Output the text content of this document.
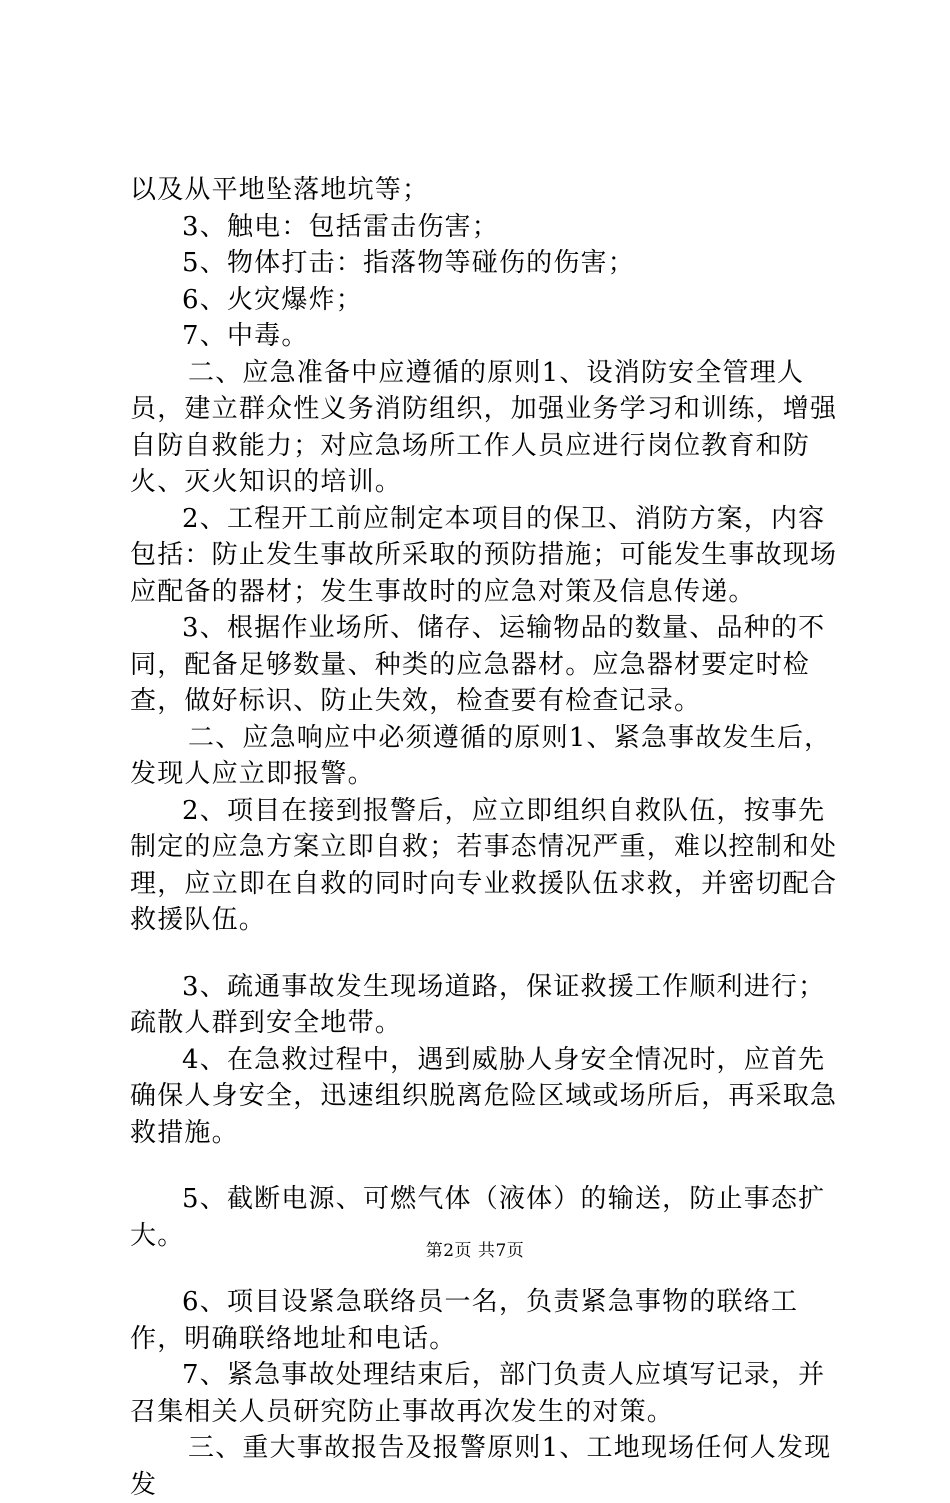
以及从平地坠落地坑等；

3、触电：包括雷击伤害；

5、物体打击：指落物等碰伤的伤害；

6、火灾爆炸；

7、中毒。

二、应急准备中应遵循的原则1、设消防安全管理人员，建立群众性义务消防组织，加强业务学习和训练，增强自防自救能力；对应急场所工作人员应进行岗位教育和防火、灭火知识的培训。

2、工程开工前应制定本项目的保卫、消防方案，内容包括：防止发生事故所采取的预防措施；可能发生事故现场应配备的器材；发生事故时的应急对策及信息传递。

3、根据作业场所、储存、运输物品的数量、品种的不同，配备足够数量、种类的应急器材。应急器材要定时检查，做好标识、防止失效，检查要有检查记录。

二、应急响应中必须遵循的原则1、紧急事故发生后，发现人应立即报警。

2、项目在接到报警后，应立即组织自救队伍，按事先制定的应急方案立即自救；若事态情况严重，难以控制和处理，应立即在自救的同时向专业救援队伍求救，并密切配合救援队伍。

3、疏通事故发生现场道路，保证救援工作顺利进行；疏散人群到安全地带。

4、在急救过程中，遇到威胁人身安全情况时，应首先确保人身安全，迅速组织脱离危险区域或场所后，再采取急救措施。

5、截断电源、可燃气体（液体）的输送，防止事态扩大。

6、项目设紧急联络员一名，负责紧急事物的联络工作，明确联络地址和电话。

7、紧急事故处理结束后，部门负责人应填写记录，并召集相关人员研究防止事故再次发生的对策。

三、重大事故报告及报警原则1、工地现场任何人发现发

第2页 共7页
